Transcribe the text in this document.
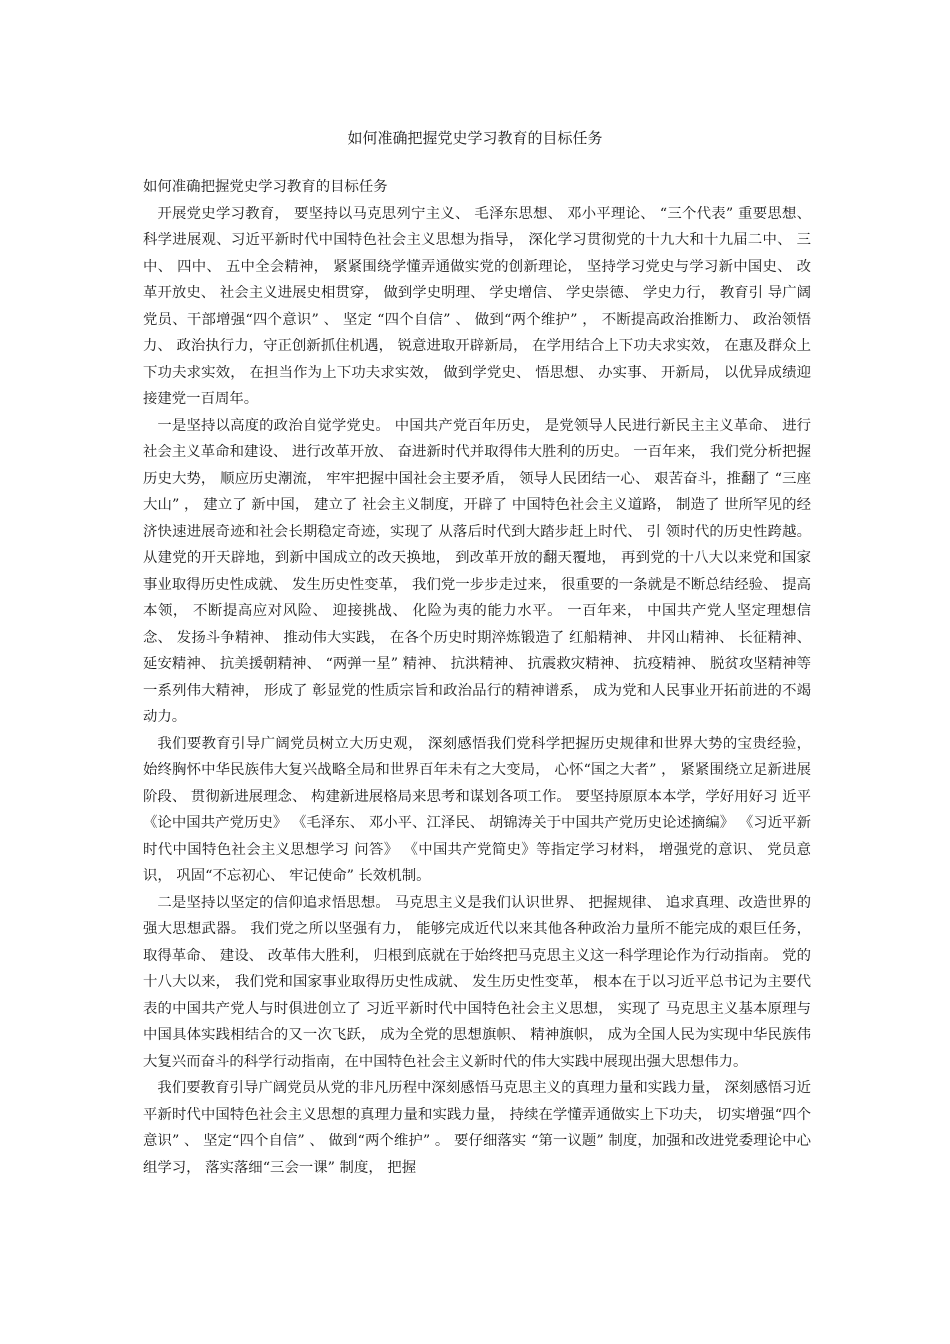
如何准确把握党史学习教育的目标任务

如何准确把握党史学习教育的目标任务

开展党史学习教育， 要坚持以马克思列宁主义、 毛泽东思想、 邓小平理论、 “三个代表” 重要思想、 科学进展观、习近平新时代中国特色社会主义思想为指导， 深化学习贯彻党的十九大和十九届二中、 三中、 四中、 五中全会精神， 紧紧围绕学懂弄通做实党的创新理论， 坚持学习党史与学习新中国史、 改革开放史、 社会主义进展史相贯穿， 做到学史明理、 学史增信、 学史崇德、 学史力行， 教育引 导广阔党员、干部增强“四个意识” 、 坚定 “四个自信” 、 做到“两个维护” ， 不断提高政治推断力、 政治领悟力、 政治执行力，守正创新抓住机遇， 锐意进取开辟新局， 在学用结合上下功夫求实效， 在惠及群众上下功夫求实效， 在担当作为上下功夫求实效， 做到学党史、 悟思想、 办实事、 开新局， 以优异成绩迎接建党一百周年。

一是坚持以高度的政治自觉学党史。 中国共产党百年历史， 是党领导人民进行新民主主义革命、 进行社会主义革命和建设、 进行改革开放、 奋进新时代并取得伟大胜利的历史。 一百年来， 我们党分析把握历史大势， 顺应历史潮流， 牢牢把握中国社会主要矛盾， 领导人民团结一心、 艰苦奋斗，推翻了 “三座大山” ， 建立了 新中国， 建立了 社会主义制度，开辟了 中国特色社会主义道路， 制造了 世所罕见的经济快速进展奇迹和社会长期稳定奇迹，实现了 从落后时代到大踏步赶上时代、 引 领时代的历史性跨越。 从建党的开天辟地，到新中国成立的改天换地， 到改革开放的翻天覆地， 再到党的十八大以来党和国家事业取得历史性成就、 发生历史性变革， 我们党一步步走过来， 很重要的一条就是不断总结经验、 提高本领， 不断提高应对风险、 迎接挑战、 化险为夷的能力水平。 一百年来， 中国共产党人坚定理想信念、 发扬斗争精神、 推动伟大实践， 在各个历史时期淬炼锻造了 红船精神、 井冈山精神、 长征精神、 延安精神、 抗美援朝精神、 “两弹一星” 精神、 抗洪精神、 抗震救灾精神、 抗疫精神、 脱贫攻坚精神等一系列伟大精神， 形成了 彰显党的性质宗旨和政治品行的精神谱系， 成为党和人民事业开拓前进的不竭动力。

我们要教育引导广阔党员树立大历史观， 深刻感悟我们党科学把握历史规律和世界大势的宝贵经验， 始终胸怀中华民族伟大复兴战略全局和世界百年未有之大变局， 心怀“国之大者” ， 紧紧围绕立足新进展阶段、 贯彻新进展理念、 构建新进展格局来思考和谋划各项工作。 要坚持原原本本学，学好用好习 近平《论中国共产党历史》 《毛泽东、 邓小平、江泽民、 胡锦涛关于中国共产党历史论述摘编》 《习近平新时代中国特色社会主义思想学习 问答》 《中国共产党简史》等指定学习材料， 增强党的意识、 党员意识， 巩固“不忘初心、 牢记使命” 长效机制。

二是坚持以坚定的信仰追求悟思想。 马克思主义是我们认识世界、 把握规律、 追求真理、改造世界的强大思想武器。 我们党之所以坚强有力， 能够完成近代以来其他各种政治力量所不能完成的艰巨任务， 取得革命、 建设、 改革伟大胜利， 归根到底就在于始终把马克思主义这一科学理论作为行动指南。 党的十八大以来， 我们党和国家事业取得历史性成就、 发生历史性变革， 根本在于以习近平总书记为主要代表的中国共产党人与时俱进创立了 习近平新时代中国特色社会主义思想， 实现了 马克思主义基本原理与中国具体实践相结合的又一次飞跃， 成为全党的思想旗帜、 精神旗帜， 成为全国人民为实现中华民族伟大复兴而奋斗的科学行动指南，在中国特色社会主义新时代的伟大实践中展现出强大思想伟力。

我们要教育引导广阔党员从党的非凡历程中深刻感悟马克思主义的真理力量和实践力量， 深刻感悟习近平新时代中国特色社会主义思想的真理力量和实践力量， 持续在学懂弄通做实上下功夫， 切实增强“四个意识” 、 坚定“四个自信” 、 做到“两个维护” 。 要仔细落实 “第一议题” 制度，加强和改进党委理论中心组学习， 落实落细“三会一课” 制度， 把握
